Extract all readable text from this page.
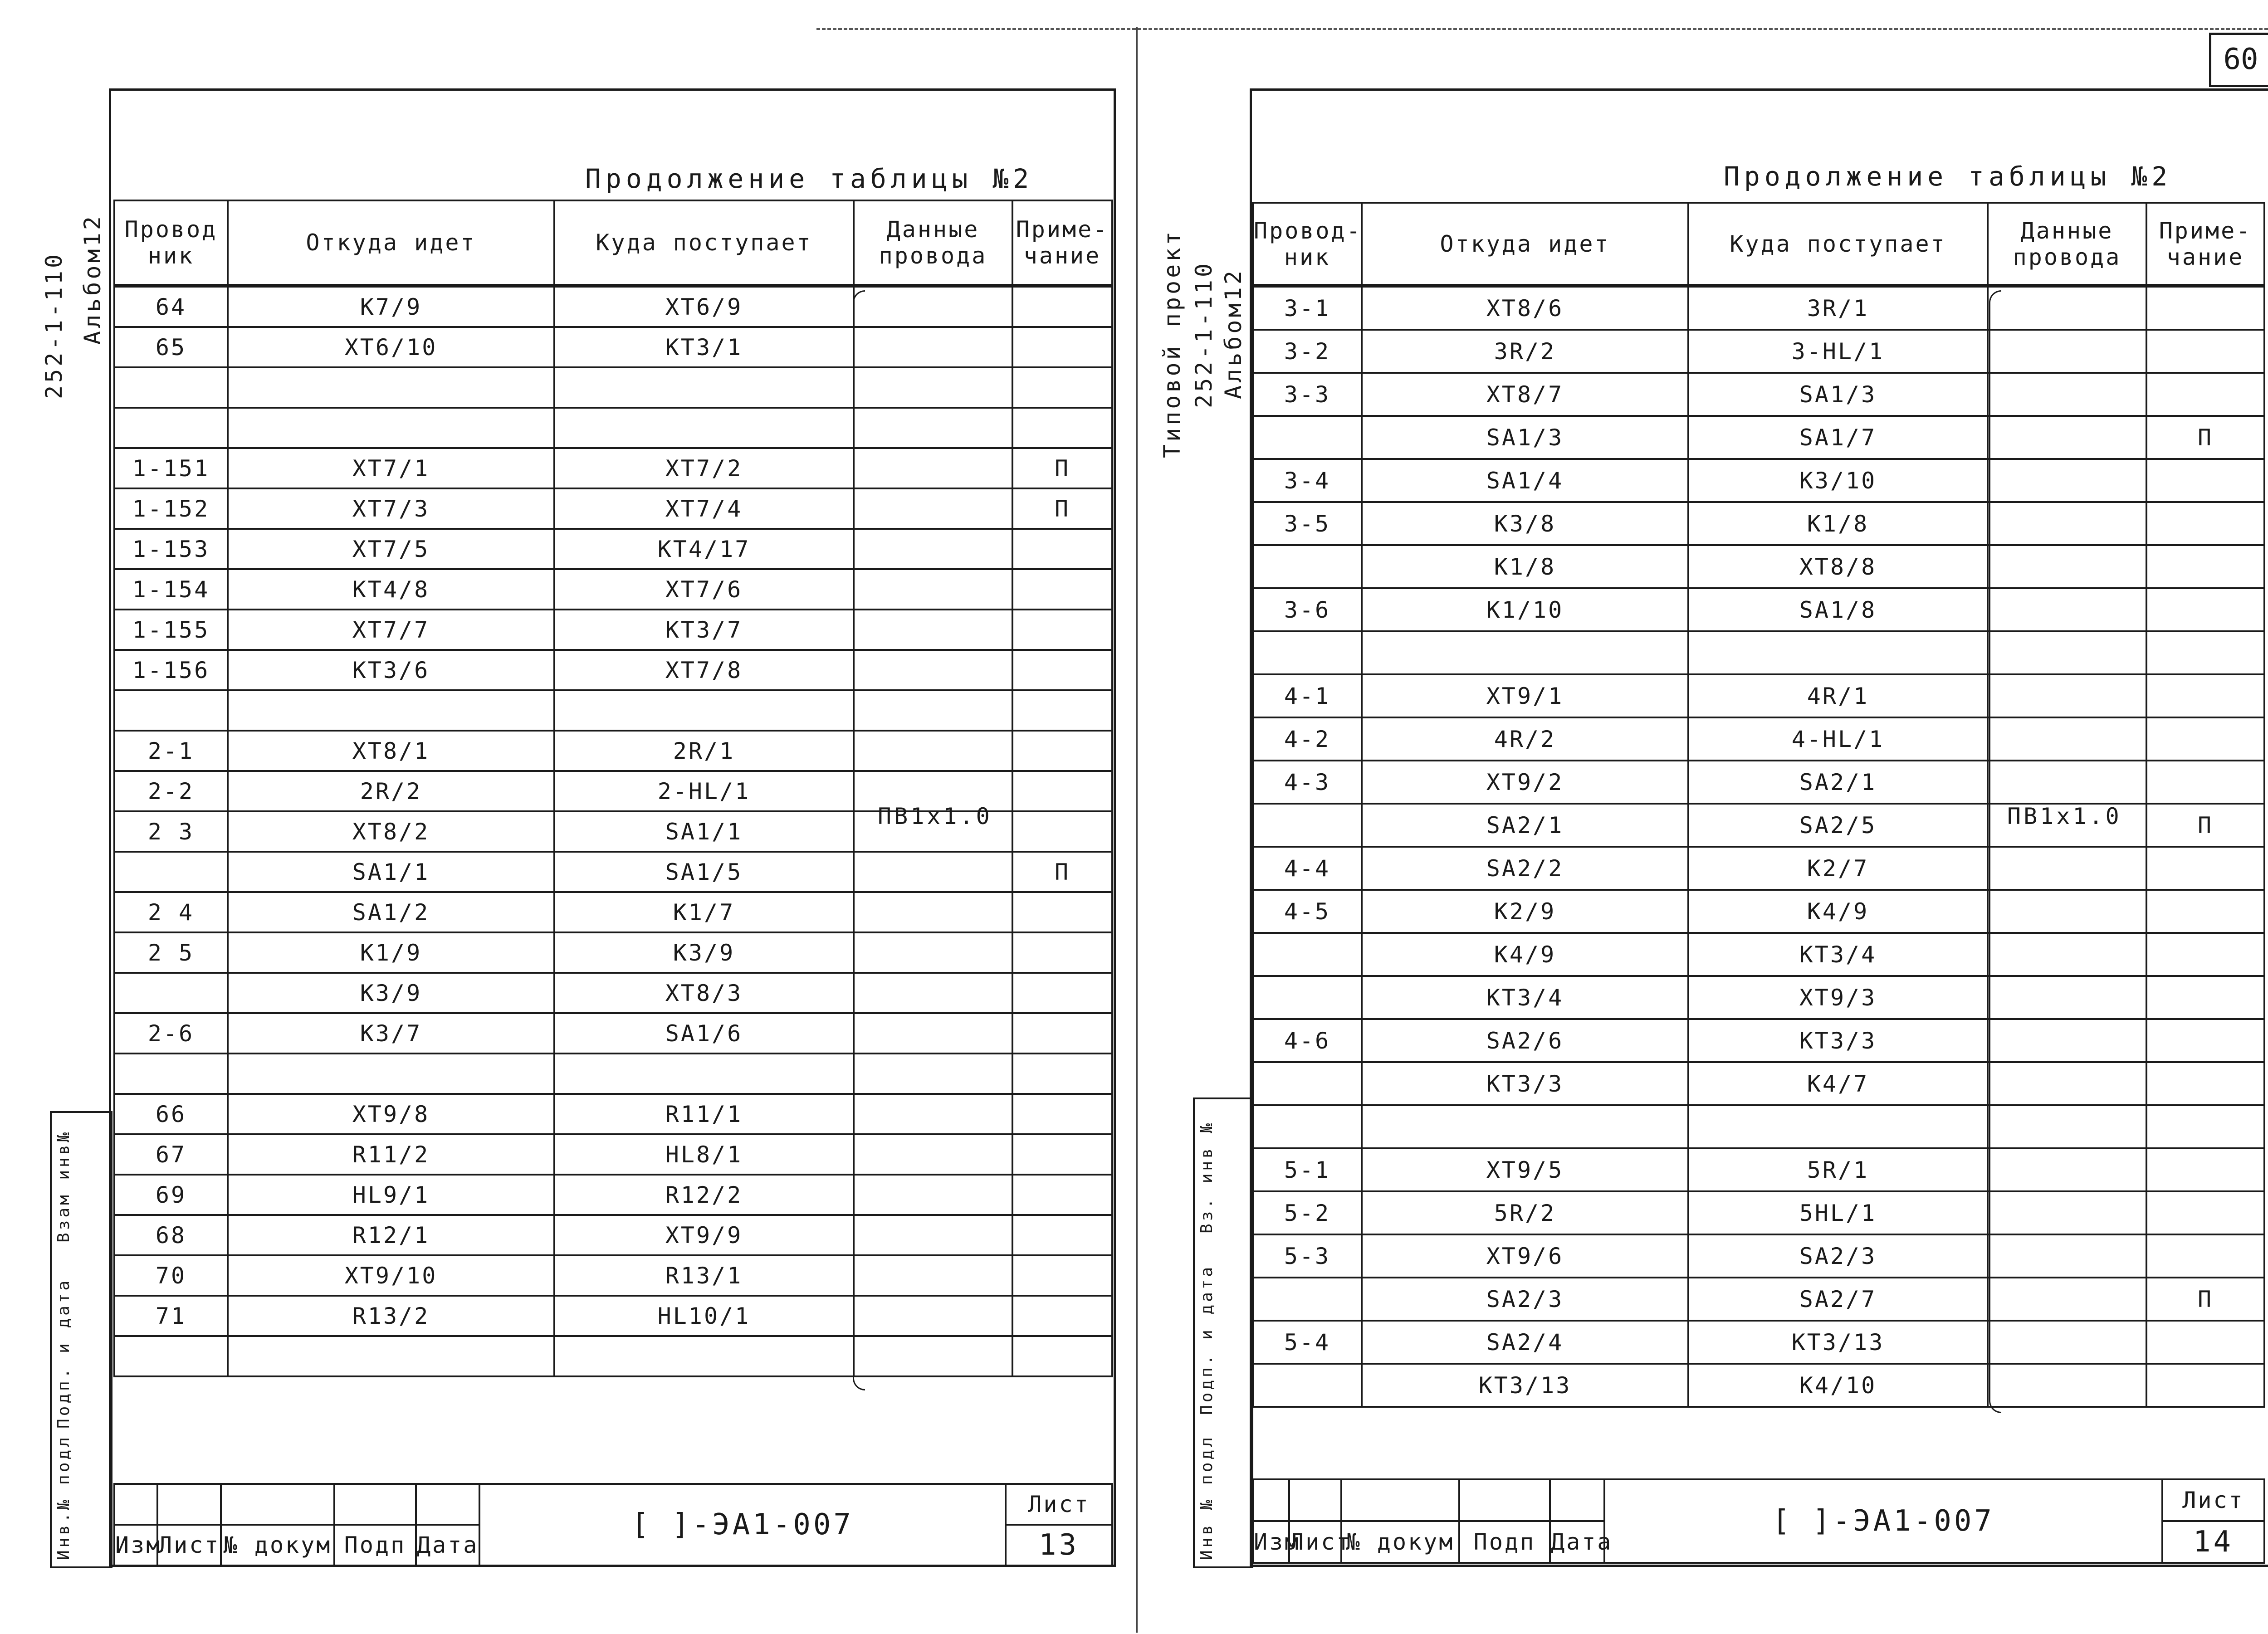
60
252-1-110 Альбом12
Продолжение таблицы №2
Провод ник	Откуда идет	Куда поступает	Данные провода	Приме-чание
64	K7/9	XT6/9		
65	XT6/10	KT3/1		

1-151	XT7/1	XT7/2		П
1-152	XT7/3	XT7/4		П
1-153	XT7/5	KT4/17		
1-154	KT4/8	XT7/6		
1-155	XT7/7	KT3/7		
1-156	KT3/6	XT7/8		

2-1	XT8/1	2R/1		
2-2	2R/2	2-HL/1		
2 3	XT8/2	SA1/1		
	SA1/1	SA1/5		П
2 4	SA1/2	K1/7		
2 5	K1/9	K3/9		
	K3/9	XT8/3		
2-6	K3/7	SA1/6		

66	XT9/8	R11/1		
67	R11/2	HL8/1		
69	HL9/1	R12/2		
68	R12/1	XT9/9		
70	XT9/10	R13/1		
71	R13/2	HL10/1		

ПВ1х1.0
Взам инв№
Подп. и дата
Инв.№ подл
						[ ]-ЭА1-007	Лист
Изм	Лист	№ докум	Подп	Дата		13
Типовой проект 252-1-110 Альбом12
Продолжение таблицы №2
Провод-ник	Откуда идет	Куда поступает	Данные провода	Приме-чание
3-1	XT8/6	3R/1		
3-2	3R/2	3-HL/1		
3-3	XT8/7	SA1/3		
	SA1/3	SA1/7		П
3-4	SA1/4	K3/10		
3-5	K3/8	K1/8		
	K1/8	XT8/8		
3-6	K1/10	SA1/8		

4-1	XT9/1	4R/1		
4-2	4R/2	4-HL/1		
4-3	XT9/2	SA2/1		
	SA2/1	SA2/5		П
4-4	SA2/2	K2/7		
4-5	K2/9	K4/9		
	K4/9	KT3/4		
	KT3/4	XT9/3		
4-6	SA2/6	KT3/3		
	KT3/3	K4/7		

5-1	XT9/5	5R/1		
5-2	5R/2	5HL/1		
5-3	XT9/6	SA2/3		
	SA2/3	SA2/7		П
5-4	SA2/4	KT3/13		
	KT3/13	K4/10		
ПВ1х1.0
Вз. инв №
Подп. и дата
Инв № подл
						[ ]-ЭА1-007	Лист
Изм	Лист	№ докум	Подп	Дата		14
